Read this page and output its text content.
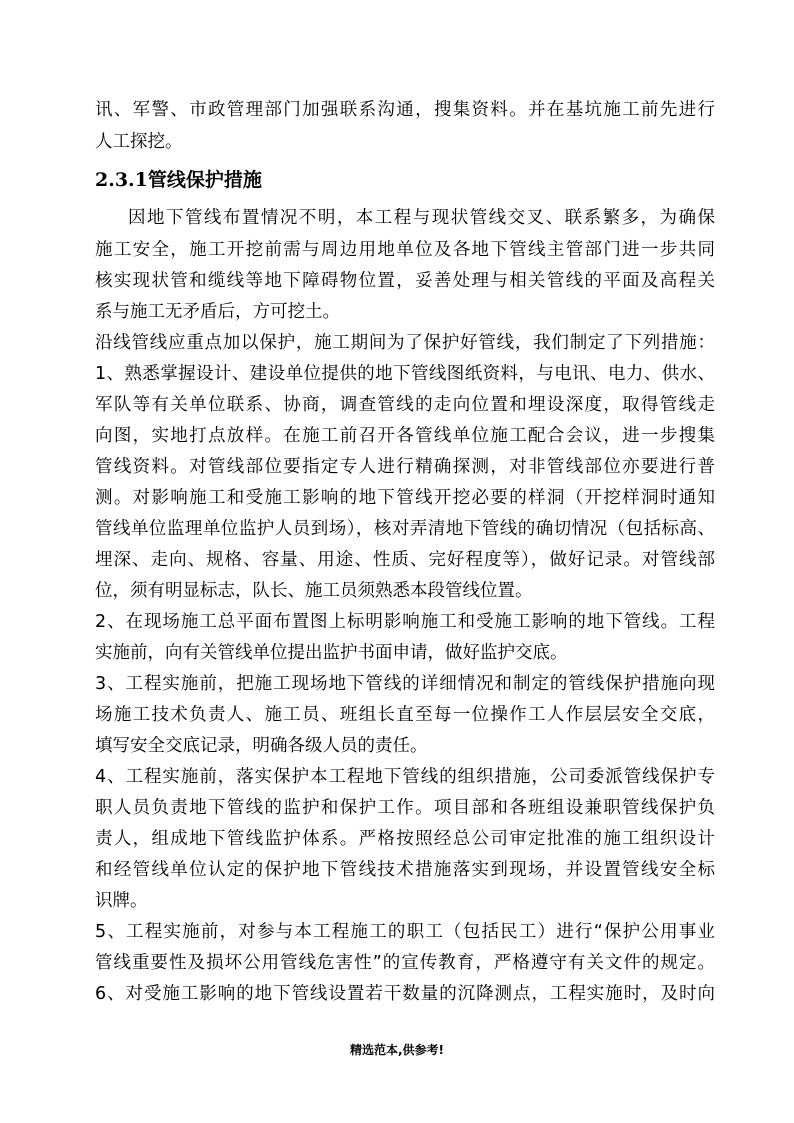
讯、军警、市政管理部门加强联系沟通，搜集资料。并在基坑施工前先进行
人工探挖。
2.3.1管线保护措施
因地下管线布置情况不明，本工程与现状管线交叉、联系繁多，为确保
施工安全，施工开挖前需与周边用地单位及各地下管线主管部门进一步共同
核实现状管和缆线等地下障碍物位置，妥善处理与相关管线的平面及高程关
系与施工无矛盾后，方可挖土。
沿线管线应重点加以保护，施工期间为了保护好管线，我们制定了下列措施：
1、熟悉掌握设计、建设单位提供的地下管线图纸资料，与电讯、电力、供水、
军队等有关单位联系、协商，调查管线的走向位置和埋设深度，取得管线走
向图，实地打点放样。在施工前召开各管线单位施工配合会议，进一步搜集
管线资料。对管线部位要指定专人进行精确探测，对非管线部位亦要进行普
测。对影响施工和受施工影响的地下管线开挖必要的样洞（开挖样洞时通知
管线单位监理单位监护人员到场），核对弄清地下管线的确切情况（包括标高、
埋深、走向、规格、容量、用途、性质、完好程度等），做好记录。对管线部
位，须有明显标志，队长、施工员须熟悉本段管线位置。
2、在现场施工总平面布置图上标明影响施工和受施工影响的地下管线。工程
实施前，向有关管线单位提出监护书面申请，做好监护交底。
3、工程实施前，把施工现场地下管线的详细情况和制定的管线保护措施向现
场施工技术负责人、施工员、班组长直至每一位操作工人作层层安全交底，
填写安全交底记录，明确各级人员的责任。
4、工程实施前，落实保护本工程地下管线的组织措施，公司委派管线保护专
职人员负责地下管线的监护和保护工作。项目部和各班组设兼职管线保护负
责人，组成地下管线监护体系。严格按照经总公司审定批准的施工组织设计
和经管线单位认定的保护地下管线技术措施落实到现场，并设置管线安全标
识牌。
5、工程实施前，对参与本工程施工的职工（包括民工）进行“保护公用事业
管线重要性及损坏公用管线危害性”的宣传教育，严格遵守有关文件的规定。
6、对受施工影响的地下管线设置若干数量的沉降测点，工程实施时，及时向
精选范本,供参考!
